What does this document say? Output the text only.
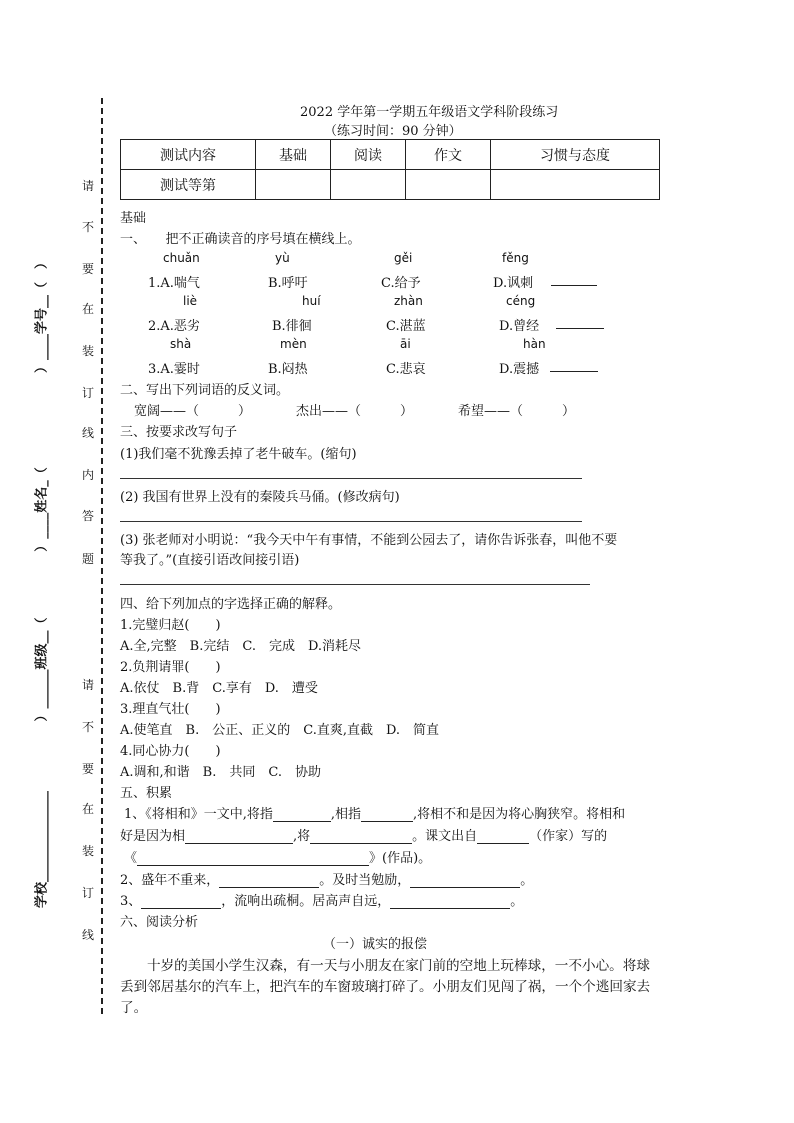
请
不
要
在
装
订
线
内
答
题
请
不
要
在
装
订
线
）____学号__（　）
）____姓名_（
）______班级__（
学校______________
2022 学年第一学期五年级语文学科阶段练习
（练习时间：90 分钟）
测试内容	基础	阅读	作文	习惯与态度
测试等第				
基础
一、　　把不正确读音的序号填在横线上。
chuǎn	yù	gěi	fěng
1.A.喘气	B.呼吁	C.给予	D.讽刺
liè	huí	zhàn	céng
2.A.恶劣	B.徘徊	C.湛蓝	D.曾经
shà	mèn	āi	hàn
3.A.霎时	B.闷热	C.悲哀	D.震撼
二、写出下列词语的反义词。
宽阔——（　　　）	杰出——（　　　）	希望——（　　　）
三、按要求改写句子
(1)我们毫不犹豫丢掉了老牛破车。(缩句)
(2) 我国有世界上没有的秦陵兵马俑。(修改病句)
(3) 张老师对小明说：“我今天中午有事情，不能到公园去了，请你告诉张春，叫他不要
等我了。”(直接引语改间接引语)
四、给下列加点的字选择正确的解释。
1.完璧归赵(　　)
A.全,完整　B.完结　C.　完成　D.消耗尽
2.负荆请罪(　　)
A.依仗　B.背　C.享有　D.　遭受
3.理直气壮(　　)
A.使笔直　B.　公正、正义的　C.直爽,直截　D.　简直
4.同心协力(　　)
A.调和,和谐　B.　共同　C.　协助
五、积累
1、《将相和》一文中,将指	,相指	,将相不和是因为将心胸狭窄。将相和
好是因为相	,将	。课文出自	（作家）写的
《	》(作品)。
2、盛年不重来，	。及时当勉励，	。
3、	，流响出疏桐。居高声自远，	。
六、阅读分析
（一）诚实的报偿
十岁的美国小学生汉森，有一天与小朋友在家门前的空地上玩棒球，一不小心。将球
丢到邻居基尔的汽车上，把汽车的车窗玻璃打碎了。小朋友们见闯了祸，一个个逃回家去
了。
